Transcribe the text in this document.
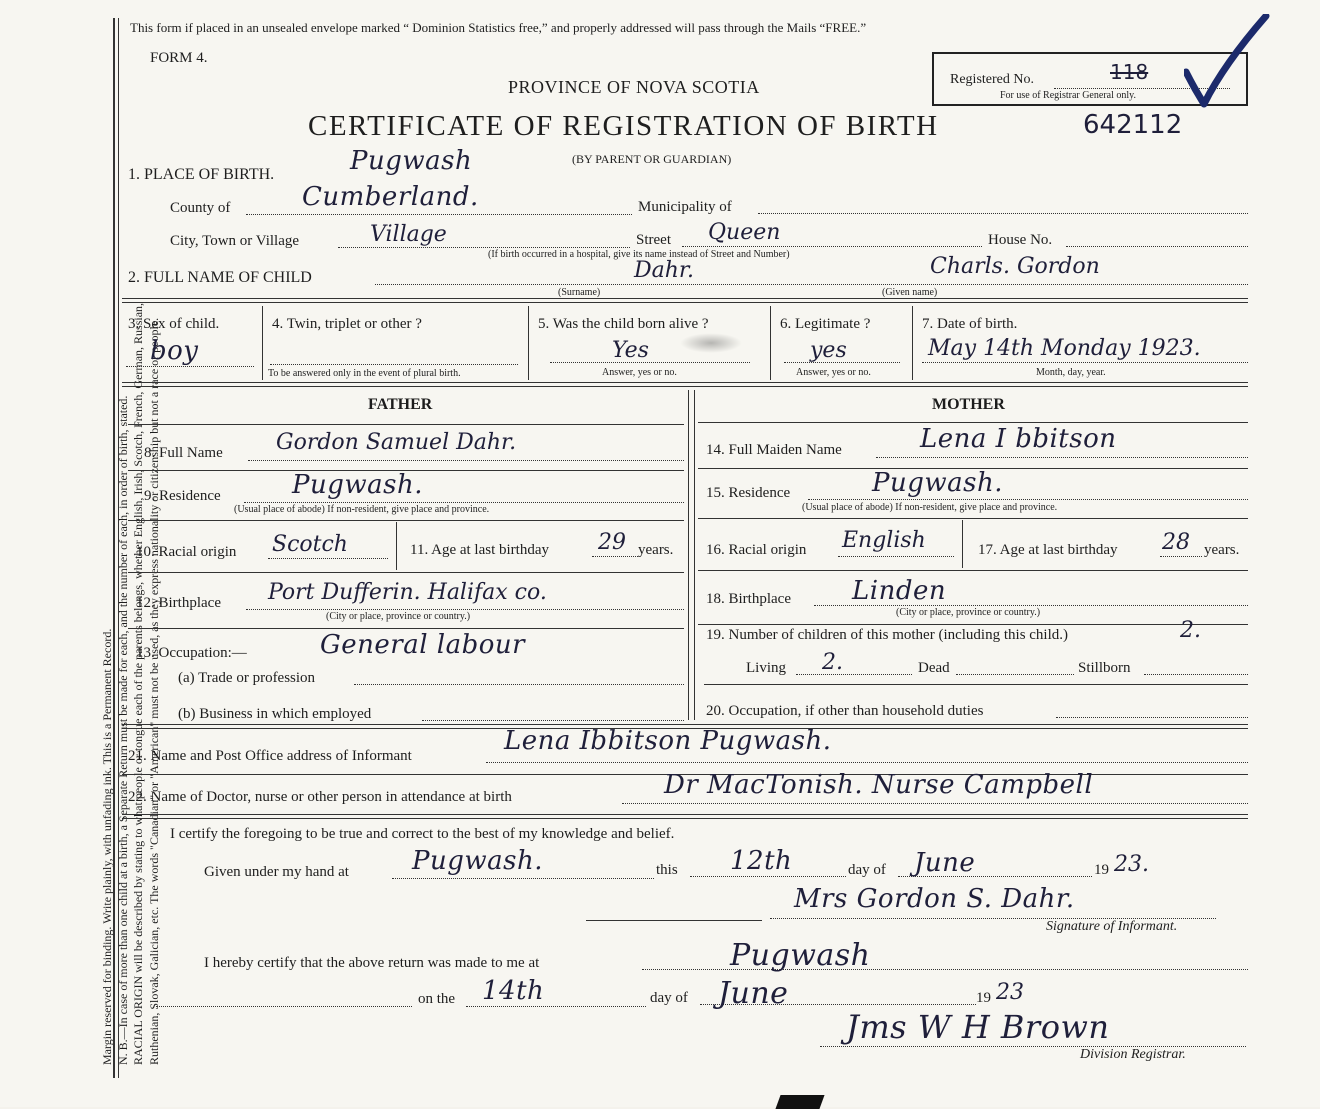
Margin reserved for binding. Write plainly, with unfading ink. This is a Permanent Record. N. B.—In case of more than one child at a birth, a Separate Return must be made for each, and the number of each, in order of birth, stated. RACIAL ORIGIN will be described by stating to what people or tongue each of the parents belongs, whether English, Irish, Scotch, French, German, Russian, Ruthenian, Slovak, Galician, etc. The words "Canadian" or "American" must not be used, as they express nationality or citizenship but not a race or people.
This form if placed in an unsealed envelope marked “ Dominion Statistics free,” and properly addressed will pass through the Mails “FREE.”
FORM 4.
PROVINCE OF NOVA SCOTIA
CERTIFICATE OF REGISTRATION OF BIRTH	642112
(BY PARENT OR GUARDIAN)
Registered No.	118
For use of Registrar General only.
1. PLACE OF BIRTH.	Pugwash
County of	Cumberland.	Municipality of
City, Town or Village	Village	Street Queen	House No.
(If birth occurred in a hospital, give its name instead of Street and Number)
2. FULL NAME OF CHILD	Dahr.	Charls. Gordon
(Surname)	(Given name)
3. Sex of child.
boy
4. Twin, triplet or other ?
To be answered only in the event of plural birth.
5. Was the child born alive ?
Yes
Answer, yes or no.
6. Legitimate ?
yes
Answer, yes or no.
7. Date of birth.
May 14th Monday 1923.
Month, day, year.
FATHER
8. Full Name Gordon Samuel Dahr.
9. Residence	Pugwash.
(Usual place of abode) If non-resident, give place and province.
10. Racial origin Scotch	11. Age at last birthday 29 years.
12. Birthplace Port Dufferin. Halifax co.
(City or place, province or country.)
13. Occupation:—	General labour
(a) Trade or profession
(b) Business in which employed
MOTHER
14. Full Maiden Name	Lena I bbitson
15. Residence	Pugwash.
(Usual place of abode) If non-resident, give place and province.
16. Racial origin English	17. Age at last birthday 28 years.
18. Birthplace Linden
(City or place, province or country.)
19. Number of children of this mother (including this child.)	2.
Living 2.	Dead	Stillborn
20. Occupation, if other than household duties
21. Name and Post Office address of Informant	Lena Ibbitson Pugwash.
22. Name of Doctor, nurse or other person in attendance at birth	Dr MacTonish. Nurse Campbell
I certify the foregoing to be true and correct to the best of my knowledge and belief.
Given under my hand at Pugwash.	this 12th	day of June	19 23.
Mrs Gordon S. Dahr.
Signature of Informant.
I hereby certify that the above return was made to me at	Pugwash
on the 14th	day of June	19 23
Jms W H Brown
Division Registrar.
